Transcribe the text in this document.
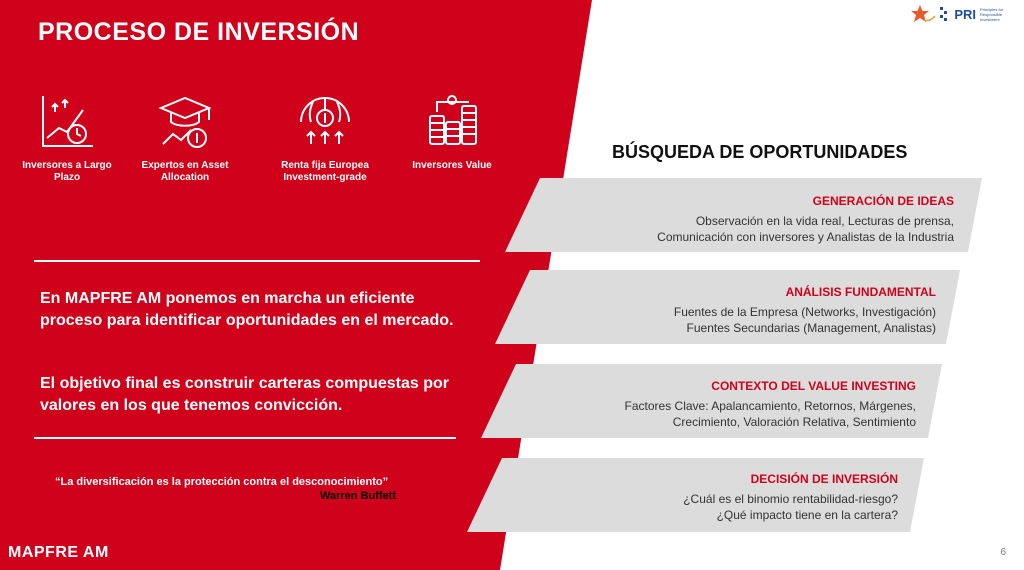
PROCESO DE INVERSIÓN
Inversores a Largo Plazo
Expertos en Asset Allocation
Renta fija Europea Investment-grade
Inversores Value
En MAPFRE AM ponemos en marcha un eficiente proceso para identificar oportunidades en el mercado.
El objetivo final es construir carteras compuestas por valores en los que tenemos convicción.
“La diversificación es la protección contra el desconocimiento”
Warren Buffett
MAPFRE AM
PRI Principles for Responsible Investment
BÚSQUEDA DE OPORTUNIDADES
GENERACIÓN DE IDEAS
Observación en la vida real, Lecturas de prensa,
Comunicación con inversores y Analistas de la Industria
ANÁLISIS FUNDAMENTAL
Fuentes de la Empresa (Networks, Investigación)
Fuentes Secundarias (Management, Analistas)
CONTEXTO DEL VALUE INVESTING
Factores Clave: Apalancamiento, Retornos, Márgenes,
Crecimiento, Valoración Relativa, Sentimiento
DECISIÓN DE INVERSIÓN
¿Cuál es el binomio rentabilidad-riesgo?
¿Qué impacto tiene en la cartera?
6
